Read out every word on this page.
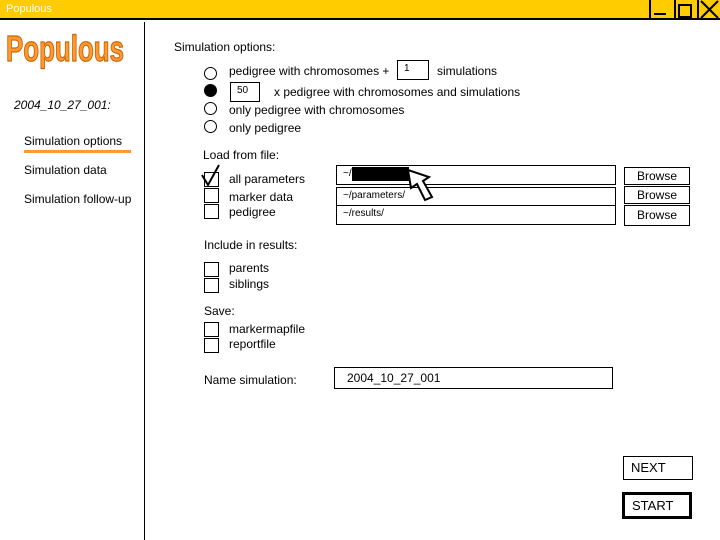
Populous
Populous
2004_10_27_001:
Simulation options
Simulation data
Simulation follow-up
Simulation options:
pedigree with chromosomes + 1 simulations
50 x pedigree with chromosomes and simulations
only pedigree with chromosomes
only pedigree
Load from file:
all parameters
marker data
pedigree
~/
~/parameters/
~/results/
Browse
Browse
Browse
Include in results:
parents
siblings
Save:
markermapfile
reportfile
Name simulation:	2004_10_27_001
NEXT
START
